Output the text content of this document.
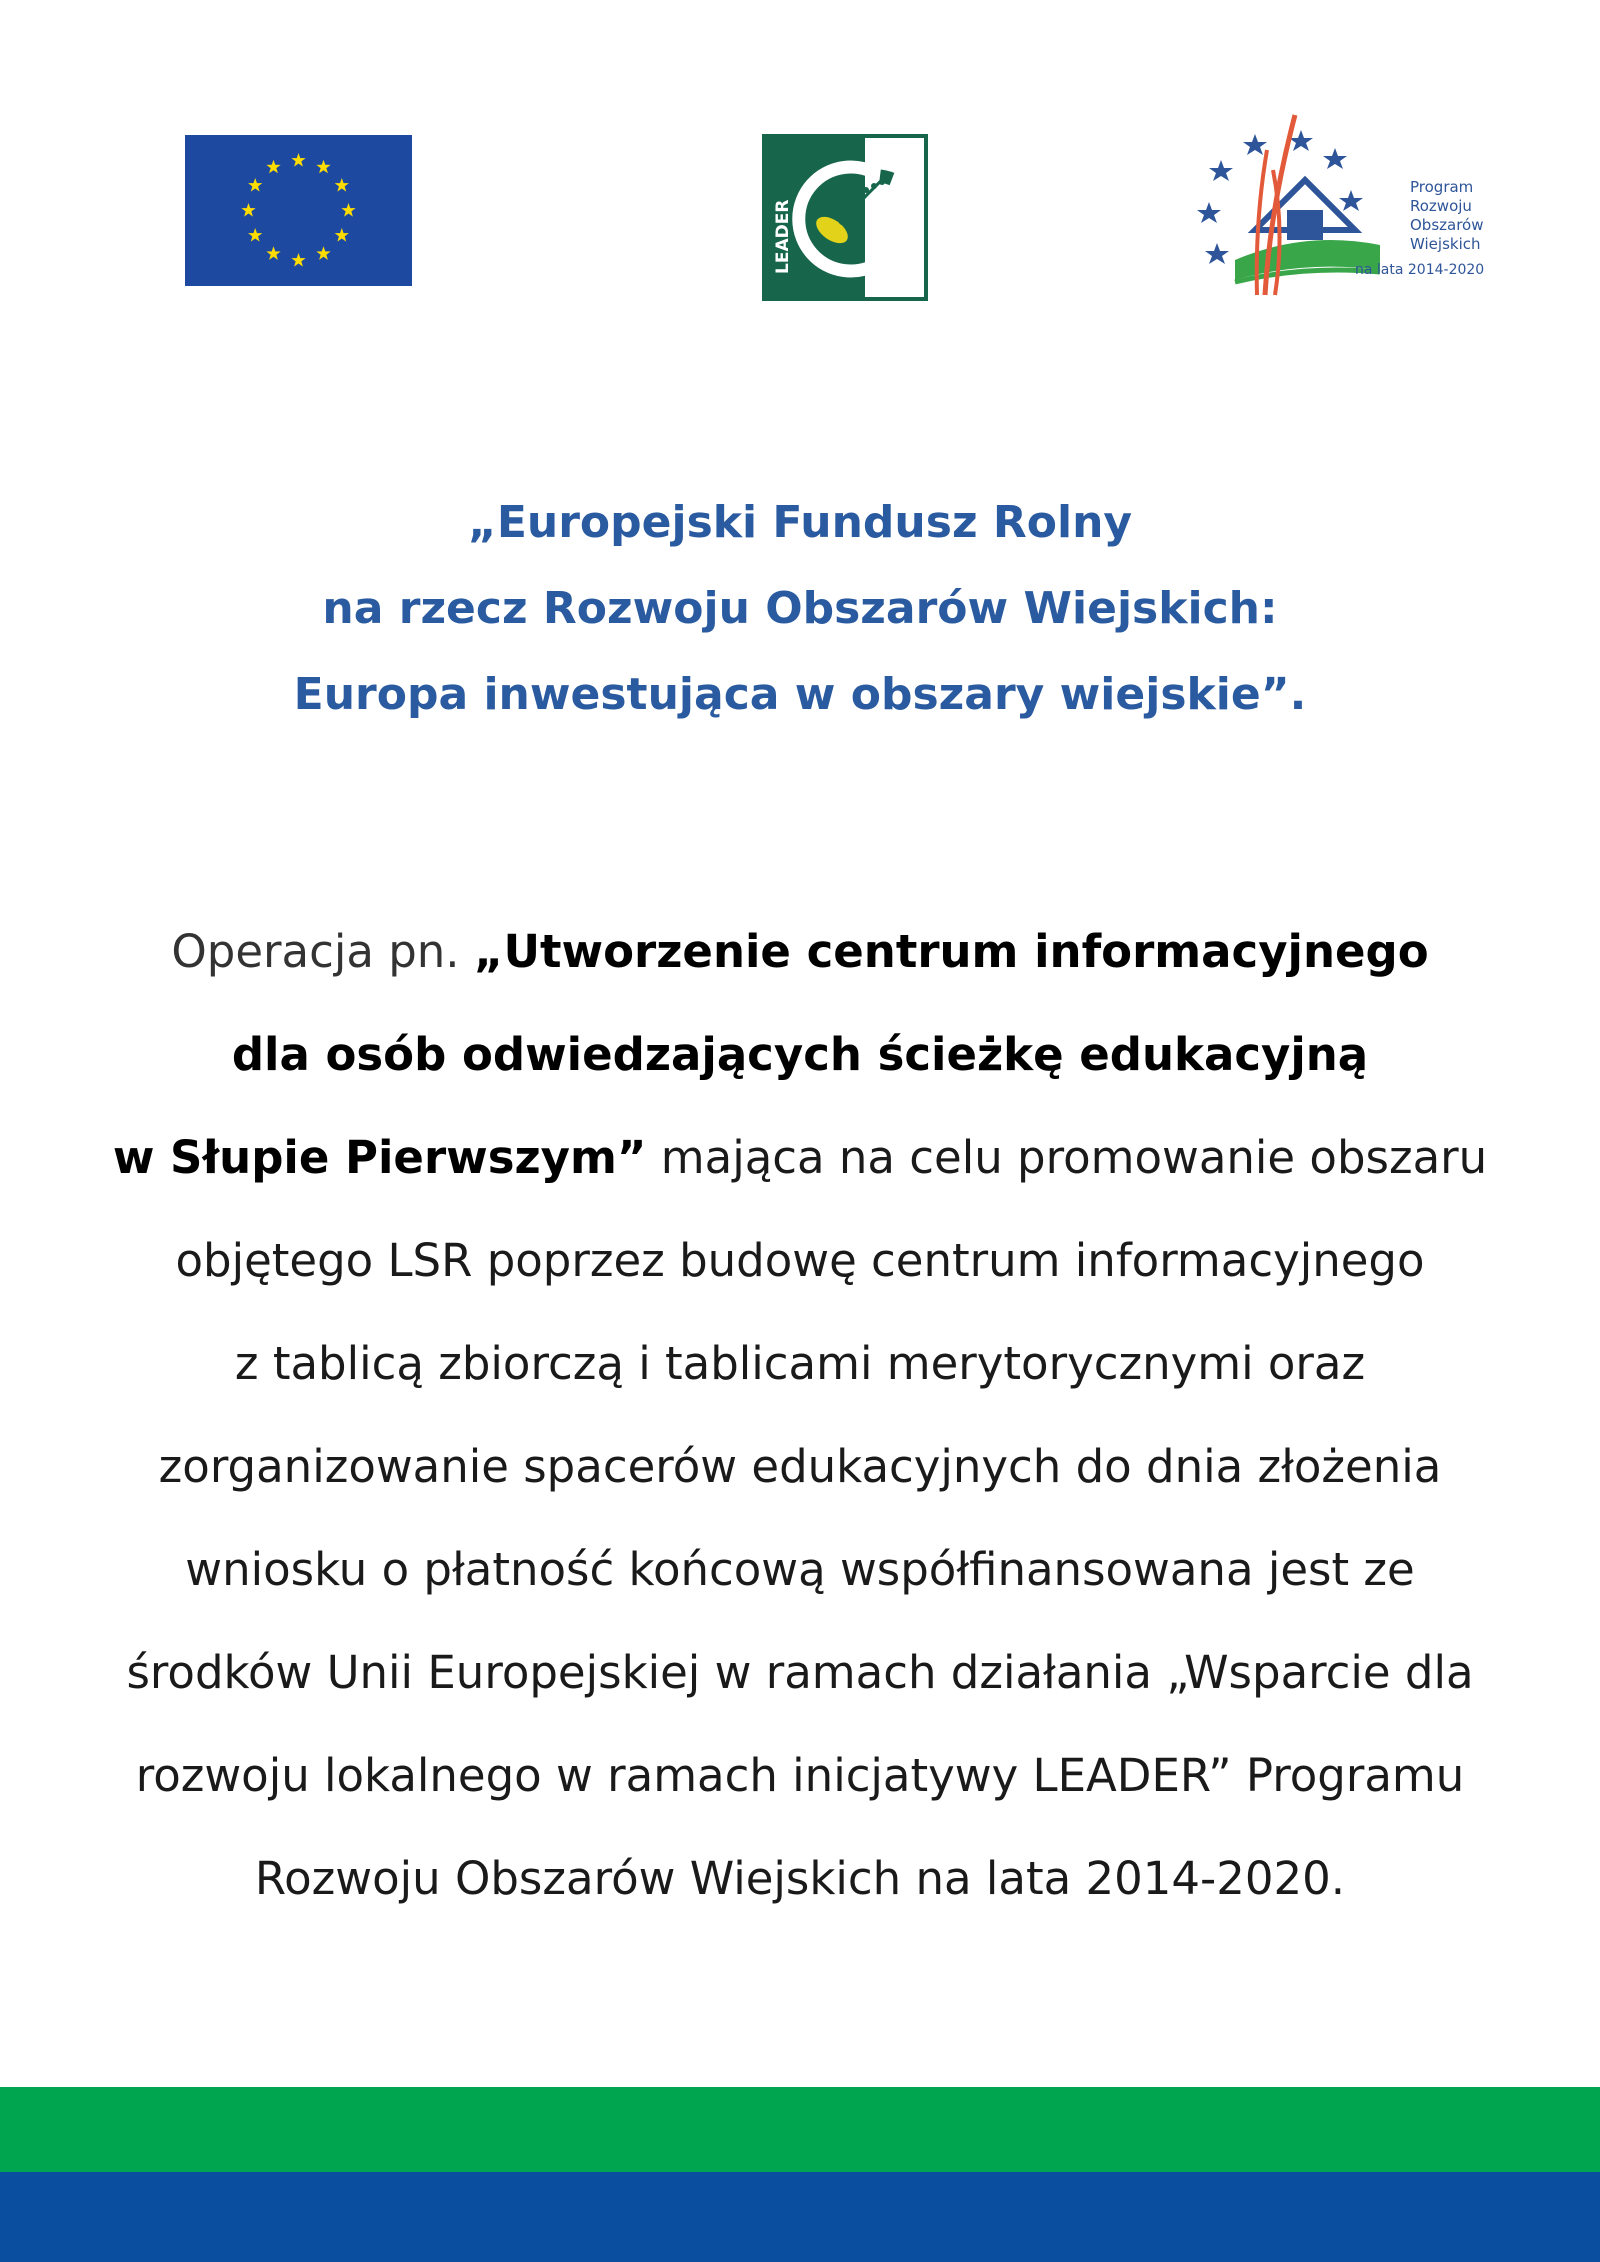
LEADER
Program
Rozwoju
Obszarów
Wiejskich
na lata 2014-2020
„Europejski Fundusz Rolny
na rzecz Rozwoju Obszarów Wiejskich:
Europa inwestująca w obszary wiejskie”.
Operacja pn. „Utworzenie centrum informacyjnego
dla osób odwiedzających ścieżkę edukacyjną
w Słupie Pierwszym” mająca na celu promowanie obszaru
objętego LSR poprzez budowę centrum informacyjnego
z tablicą zbiorczą i tablicami merytorycznymi oraz
zorganizowanie spacerów edukacyjnych do dnia złożenia
wniosku o płatność końcową współfinansowana jest ze
środków Unii Europejskiej w ramach działania „Wsparcie dla
rozwoju lokalnego w ramach inicjatywy LEADER” Programu
Rozwoju Obszarów Wiejskich na lata 2014-2020.
